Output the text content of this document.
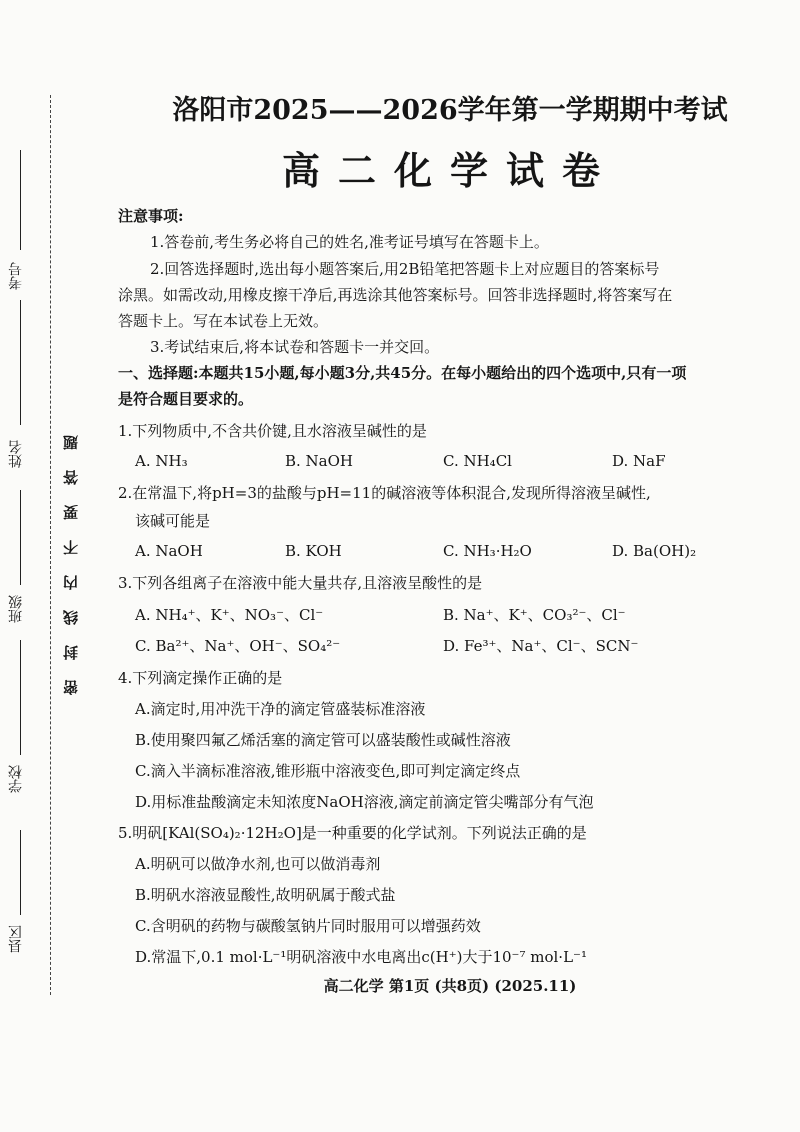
考号
姓名
班级
学校
县区
密封线内不要答题
洛阳市2025——2026学年第一学期期中考试
高二化学试卷
注意事项:
1.答卷前,考生务必将自己的姓名,准考证号填写在答题卡上。
2.回答选择题时,选出每小题答案后,用2B铅笔把答题卡上对应题目的答案标号
涂黑。如需改动,用橡皮擦干净后,再选涂其他答案标号。回答非选择题时,将答案写在
答题卡上。写在本试卷上无效。
3.考试结束后,将本试卷和答题卡一并交回。
一、选择题:本题共15小题,每小题3分,共45分。在每小题给出的四个选项中,只有一项
是符合题目要求的。
1.下列物质中,不含共价键,且水溶液呈碱性的是
A. NH₃	B. NaOH	C. NH₄Cl	D. NaF
2.在常温下,将pH=3的盐酸与pH=11的碱溶液等体积混合,发现所得溶液呈碱性,
该碱可能是
A. NaOH	B. KOH	C. NH₃·H₂O	D. Ba(OH)₂
3.下列各组离子在溶液中能大量共存,且溶液呈酸性的是
A. NH₄⁺、K⁺、NO₃⁻、Cl⁻	B. Na⁺、K⁺、CO₃²⁻、Cl⁻
C. Ba²⁺、Na⁺、OH⁻、SO₄²⁻	D. Fe³⁺、Na⁺、Cl⁻、SCN⁻
4.下列滴定操作正确的是
A.滴定时,用冲洗干净的滴定管盛装标准溶液
B.使用聚四氟乙烯活塞的滴定管可以盛装酸性或碱性溶液
C.滴入半滴标准溶液,锥形瓶中溶液变色,即可判定滴定终点
D.用标准盐酸滴定未知浓度NaOH溶液,滴定前滴定管尖嘴部分有气泡
5.明矾[KAl(SO₄)₂·12H₂O]是一种重要的化学试剂。下列说法正确的是
A.明矾可以做净水剂,也可以做消毒剂
B.明矾水溶液显酸性,故明矾属于酸式盐
C.含明矾的药物与碳酸氢钠片同时服用可以增强药效
D.常温下,0.1 mol·L⁻¹明矾溶液中水电离出c(H⁺)大于10⁻⁷ mol·L⁻¹
高二化学 第1页 (共8页) (2025.11)
